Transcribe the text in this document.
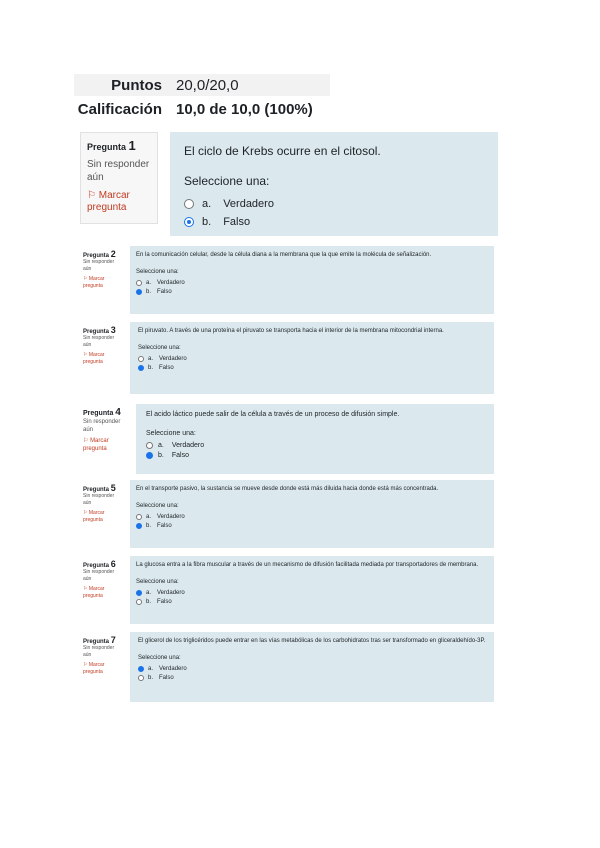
Puntos 20,0/20,0
Calificación 10,0 de 10,0 (100%)
Pregunta 1
Sin responder aún
⚐ Marcar pregunta
El ciclo de Krebs ocurre en el citosol.
Seleccione una:
a. Verdadero
b. Falso
Pregunta 2
Sin responder aún
⚐ Marcar pregunta
En la comunicación celular, desde la célula diana a la membrana que la que emite la molécula de señalización.
Seleccione una:
a. Verdadero
b. Falso
Pregunta 3
Sin responder aún
⚐ Marcar pregunta
El piruvato. A través de una proteína el piruvato se transporta hacia el interior de la membrana mitocondrial interna.
Seleccione una:
a. Verdadero
b. Falso
Pregunta 4
Sin responder aún
⚐ Marcar pregunta
El acido láctico puede salir de la célula a través de un proceso de difusión simple.
Seleccione una:
a. Verdadero
b. Falso
Pregunta 5
Sin responder aún
⚐ Marcar pregunta
En el transporte pasivo, la sustancia se mueve desde donde está más diluida hacia donde está más concentrada.
Seleccione una:
a. Verdadero
b. Falso
Pregunta 6
Sin responder aún
⚐ Marcar pregunta
La glucosa entra a la fibra muscular a través de un mecanismo de difusión facilitada mediada por transportadores de membrana.
Seleccione una:
a. Verdadero
b. Falso
Pregunta 7
Sin responder aún
⚐ Marcar pregunta
El glicerol de los triglicéridos puede entrar en las vías metabólicas de los carbohidratos tras ser transformado en gliceraldehído-3P.
Seleccione una:
a. Verdadero
b. Falso
